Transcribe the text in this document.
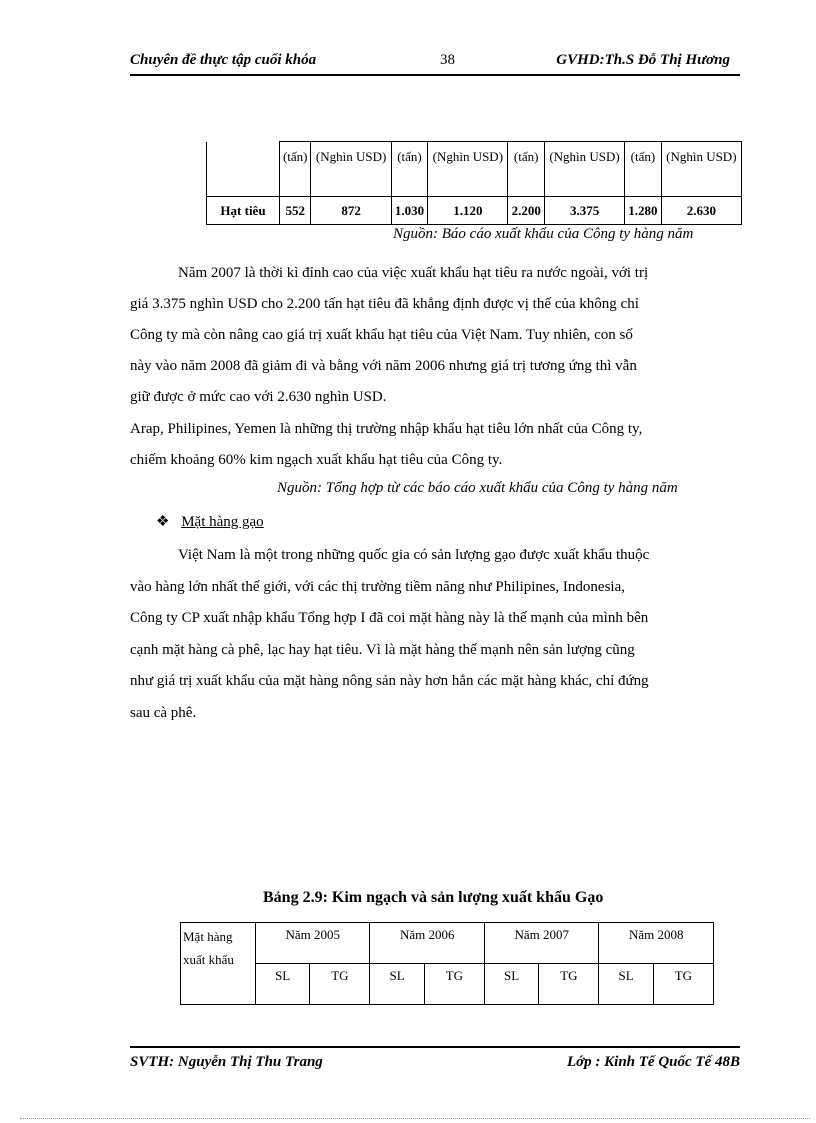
Chuyên đề thực tập cuối khóa	38	GVHD:Th.S Đỗ Thị Hương
	(tấn)	(Nghìn USD)	(tấn)	(Nghìn USD)	(tấn)	(Nghìn USD)	(tấn)	(Nghìn USD)
Hạt tiêu	552	872	1.030	1.120	2.200	3.375	1.280	2.630
Nguồn: Báo cáo xuất khẩu của Công ty hàng năm
Năm 2007 là thời kì đỉnh cao của việc xuất khẩu hạt tiêu ra nước ngoài, với trị
giá 3.375 nghìn USD cho 2.200 tấn hạt tiêu đã khẳng định được vị thế của không chỉ
Công ty mà còn nâng cao giá trị xuất khẩu hạt tiêu của Việt Nam. Tuy nhiên, con số
này vào năm 2008 đã giảm đi và bằng với năm 2006 nhưng giá trị tương ứng thì vẫn
giữ được ở mức cao với 2.630 nghìn USD.
Arap, Philipines, Yemen là những thị trường nhập khẩu hạt tiêu lớn nhất của Công ty,
chiếm khoảng 60% kim ngạch xuất khẩu hạt tiêu của Công ty.
Nguồn: Tổng hợp từ các báo cáo xuất khẩu của Công ty hàng năm
❖ Mặt hàng gạo
Việt Nam là một trong những quốc gia có sản lượng gạo được xuất khẩu thuộc
vào hàng lớn nhất thế giới, với các thị trường tiềm năng như Philipines, Indonesia,
Công ty CP xuất nhập khẩu Tổng hợp I đã coi mặt hàng này là thế mạnh của mình bên
cạnh mặt hàng cà phê, lạc hay hạt tiêu. Vì là mặt hàng thế mạnh nên sản lượng cũng
như giá trị xuất khẩu của mặt hàng nông sản này hơn hẳn các mặt hàng khác, chỉ đứng
sau cà phê.
Bảng 2.9: Kim ngạch và sản lượng xuất khẩu Gạo
Mặt hàng
xuất khẩu	Năm 2005		Năm 2006		Năm 2007		Năm 2008	
	SL	TG	SL	TG	SL	TG	SL	TG
SVTH: Nguyễn Thị Thu Trang	Lớp : Kinh Tế Quốc Tế 48B
